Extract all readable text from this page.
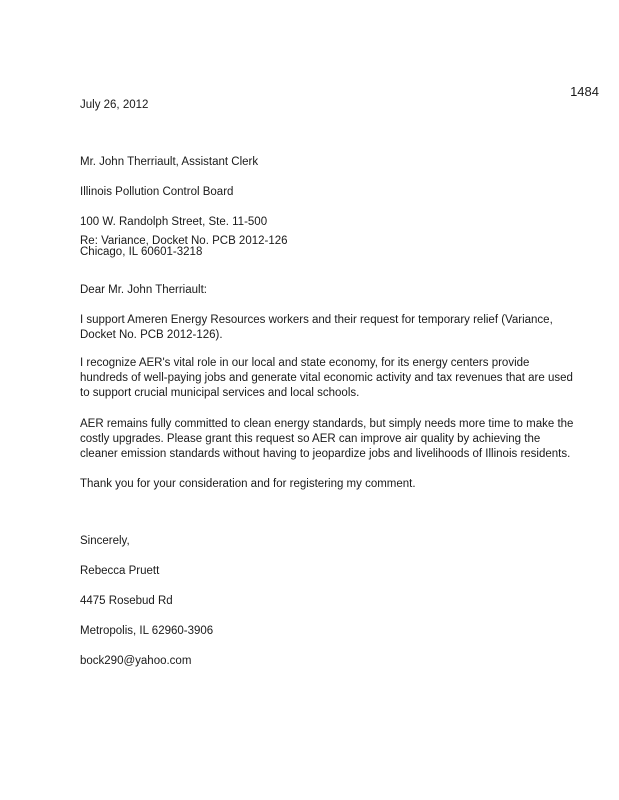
1484
July 26, 2012

Mr. John Therriault, Assistant Clerk

Illinois Pollution Control Board

100 W. Randolph Street, Ste. 11-500

Chicago, IL 60601-3218

Re: Variance, Docket No. PCB 2012-126
Dear Mr. John Therriault:
I support Ameren Energy Resources workers and their request for temporary relief (Variance, Docket No. PCB 2012-126).
I recognize AER's vital role in our local and state economy, for its energy centers provide hundreds of well-paying jobs and generate vital economic activity and tax revenues that are used to support crucial municipal services and local schools.
AER remains fully committed to clean energy standards, but simply needs more time to make the costly upgrades. Please grant this request so AER can improve air quality by achieving the cleaner emission standards without having to jeopardize jobs and livelihoods of Illinois residents.
Thank you for your consideration and for registering my comment.

Sincerely,

Rebecca Pruett

4475 Rosebud Rd

Metropolis, IL 62960-3906

bock290@yahoo.com
